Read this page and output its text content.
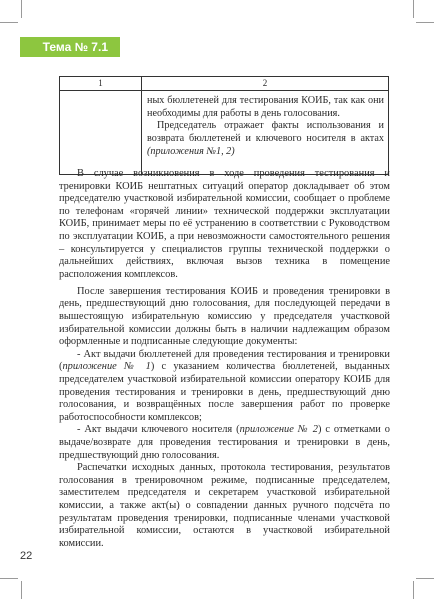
Тема № 7.1
1	2

	ных бюллетеней для тестирования КОИБ, так как они необходимы для работы в день голосования.
Председатель отражает факты использования и возврата бюллетеней и ключевого носителя в актах (приложения №1, 2)

В случае возникновения в ходе проведения тестирования и тренировки КОИБ нештатных ситуаций оператор докладывает об этом председателю участковой избирательной комиссии, сообщает о проблеме по телефонам «горячей линии» технической поддержки эксплуатации КОИБ, принимает меры по её устранению в соответствии с Руководством по эксплуатации КОИБ, а при невозможности самостоятельного решения – консультируется у специалистов группы технической поддержки о дальнейших действиях, включая вызов техника в помещение расположения комплексов.

После завершения тестирования КОИБ и проведения тренировки в день, предшествующий дню голосования, для последующей передачи в вышестоящую избирательную комиссию у председателя участковой избирательной комиссии должны быть в наличии надлежащим образом оформленные и подписанные следующие документы:

- Акт выдачи бюллетеней для проведения тестирования и тренировки (приложение № 1) с указанием количества бюллетеней, выданных председателем участковой избирательной комиссии оператору КОИБ для проведения тестирования и тренировки в день, предшествующий дню голосования, и возвращённых после завершения работ по проверке работоспособности комплексов;

- Акт выдачи ключевого носителя (приложение № 2) с отметками о выдаче/возврате для проведения тестирования и тренировки в день, предшествующий дню голосования.

Распечатки исходных данных, протокола тестирования, результатов голосования в тренировочном режиме, подписанные председателем, заместителем председателя и секретарем участковой избирательной комиссии, а также акт(ы) о совпадении данных ручного подсчёта по результатам проведения тренировки, подписанные членами участковой избирательной комиссии, остаются в участковой избирательной комиссии.

22
